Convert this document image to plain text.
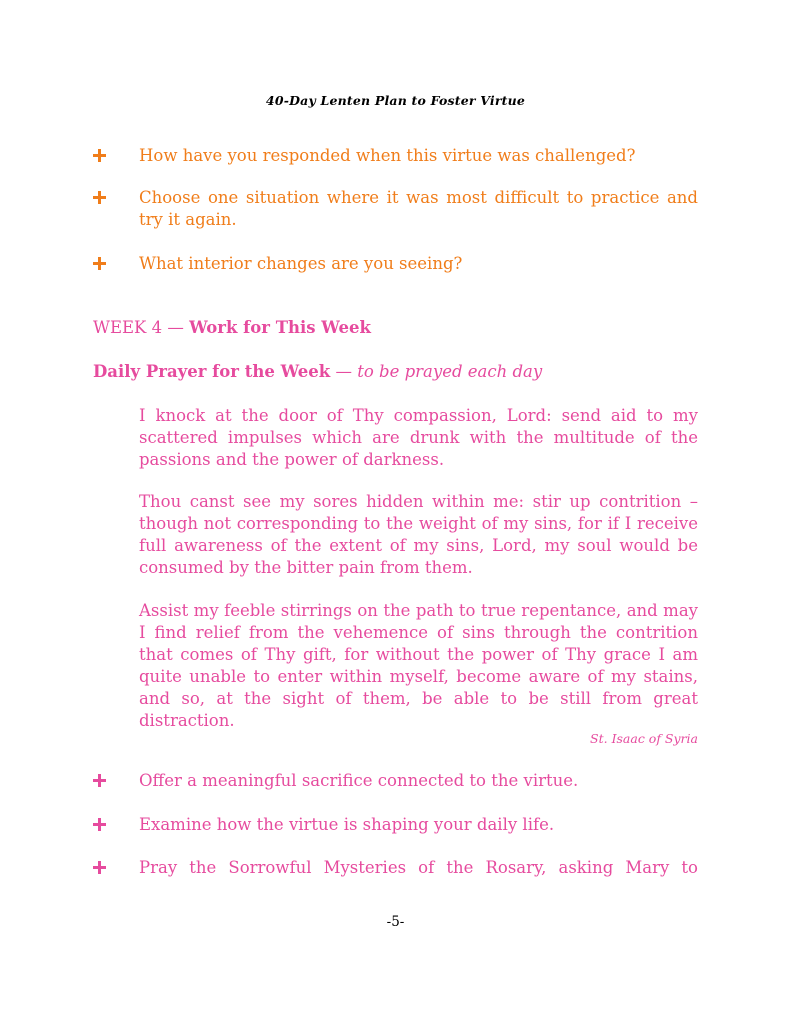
40-Day Lenten Plan to Foster Virtue
How have you responded when this virtue was challenged?
Choose one situation where it was most difficult to practice and try it again.
What interior changes are you seeing?
WEEK 4 — Work for This Week
Daily Prayer for the Week — to be prayed each day
I knock at the door of Thy compassion, Lord: send aid to my scattered impulses which are drunk with the multitude of the passions and the power of darkness.
Thou canst see my sores hidden within me: stir up contrition – though not corresponding to the weight of my sins, for if I receive full awareness of the extent of my sins, Lord, my soul would be consumed by the bitter pain from them.
Assist my feeble stirrings on the path to true repentance, and may I find relief from the vehemence of sins through the contrition that comes of Thy gift, for without the power of Thy grace I am quite unable to enter within myself, become aware of my stains, and so, at the sight of them, be able to be still from great distraction.
St. Isaac of Syria
Offer a meaningful sacrifice connected to the virtue.
Examine how the virtue is shaping your daily life.
Pray the Sorrowful Mysteries of the Rosary, asking Mary to
-5-
